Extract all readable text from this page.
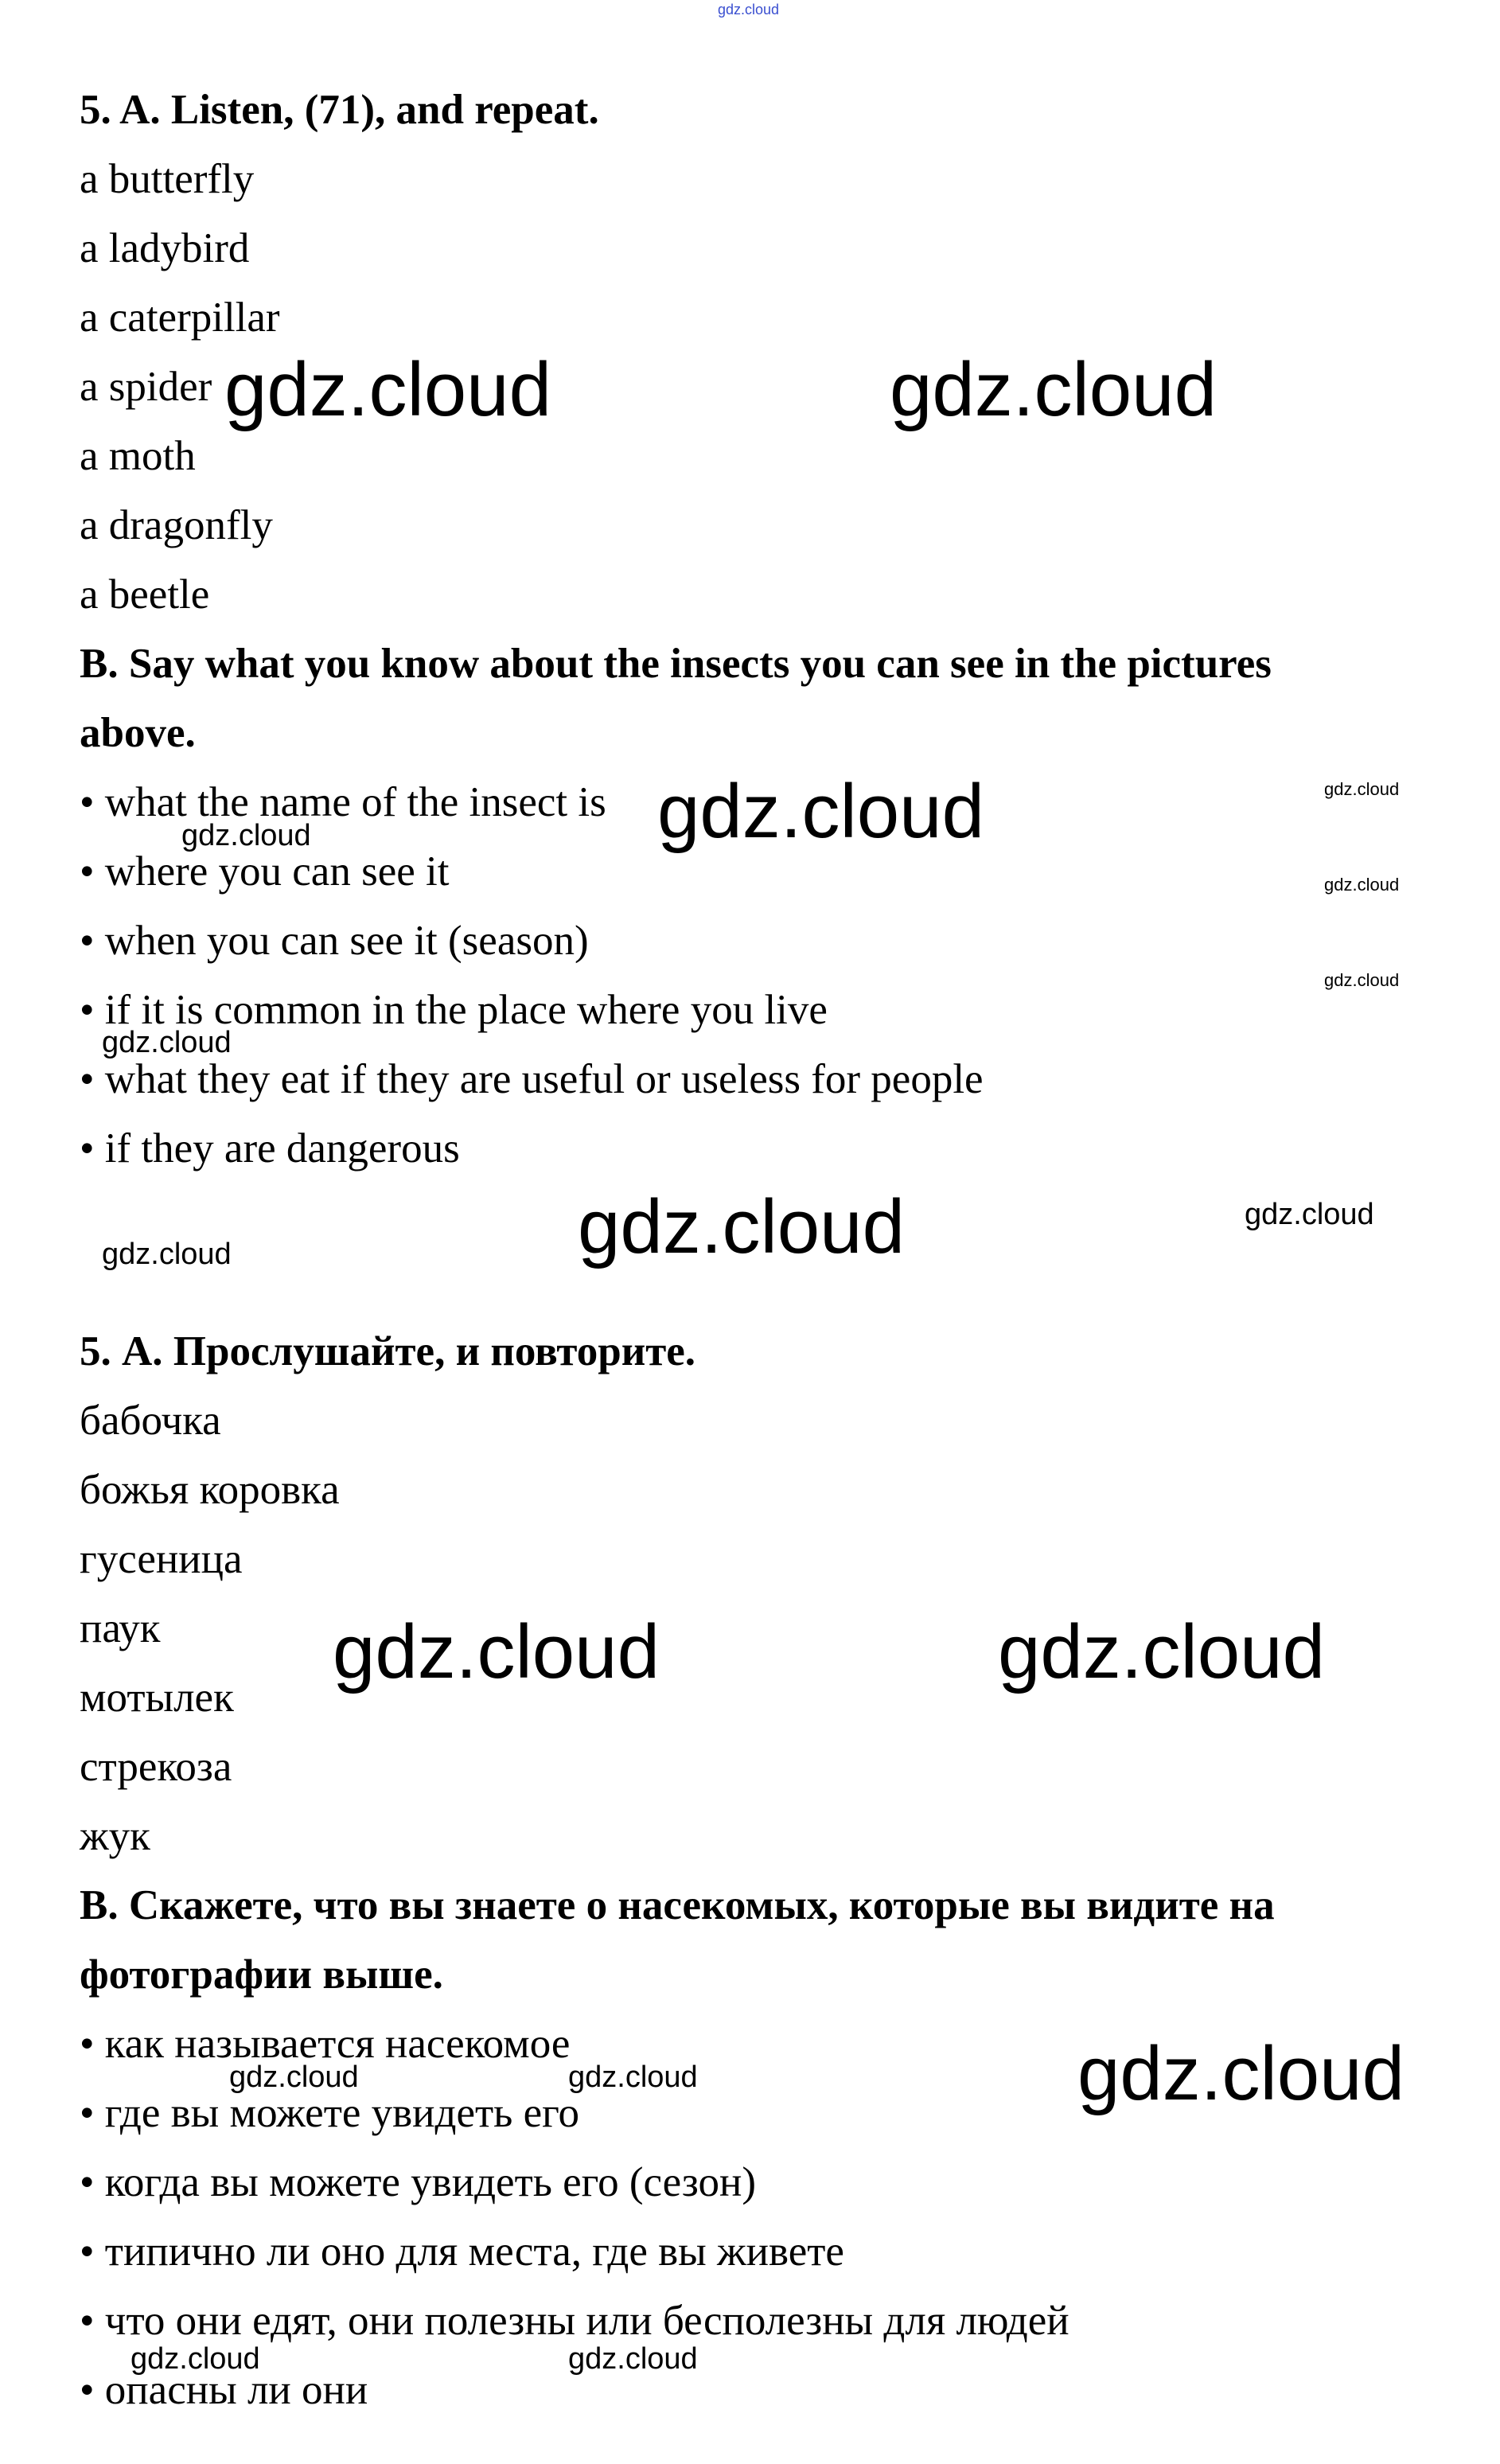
gdz.cloud
5. A. Listen, (71), and repeat.
a butterfly
a ladybird
a caterpillar
a spider
a moth
a dragonfly
a beetle
B. Say what you know about the insects you can see in the pictures
above.
• what the name of the insect is
• where you can see it
• when you can see it (season)
• if it is common in the place where you live
• what they eat if they are useful or useless for people
• if they are dangerous
5. А. Прослушайте, и повторите.
бабочка
божья коровка
гусеница
паук
мотылек
стрекоза
жук
В. Скажете, что вы знаете о насекомых, которые вы видите на
фотографии выше.
• как называется насекомое
• где вы можете увидеть его
• когда вы можете увидеть его (сезон)
• типично ли оно для места, где вы живете
• что они едят, они полезны или бесполезны для людей
• опасны ли они
gdz.cloud	gdz.cloud
gdz.cloud
gdz.cloud
gdz.cloud
gdz.cloud
gdz.cloud
gdz.cloud
gdz.cloud	gdz.cloud
gdz.cloud
gdz.cloud	gdz.cloud
gdz.cloud
gdz.cloud	gdz.cloud
gdz.cloud	gdz.cloud
